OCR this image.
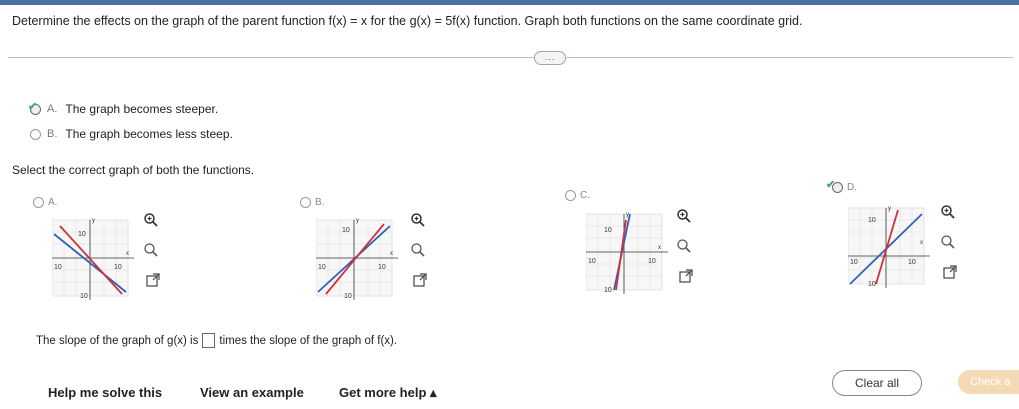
Determine the effects on the graph of the parent function f(x) = x for the g(x) = 5f(x) function. Graph both functions on the same coordinate grid.
...
✔ A. The graph becomes steeper.
B. The graph becomes less steep.
Select the correct graph of both the functions.
A.
y
x
10
10	10
10
B.
y
x
10
10	10
10
C.
y
x
10
10	10
10
✔ D.
y
x
10
10	10
10
The slope of the graph of g(x) is times the slope of the graph of f(x).
Help me solve this	View an example	Get more help ▴
Clear all	Check a
